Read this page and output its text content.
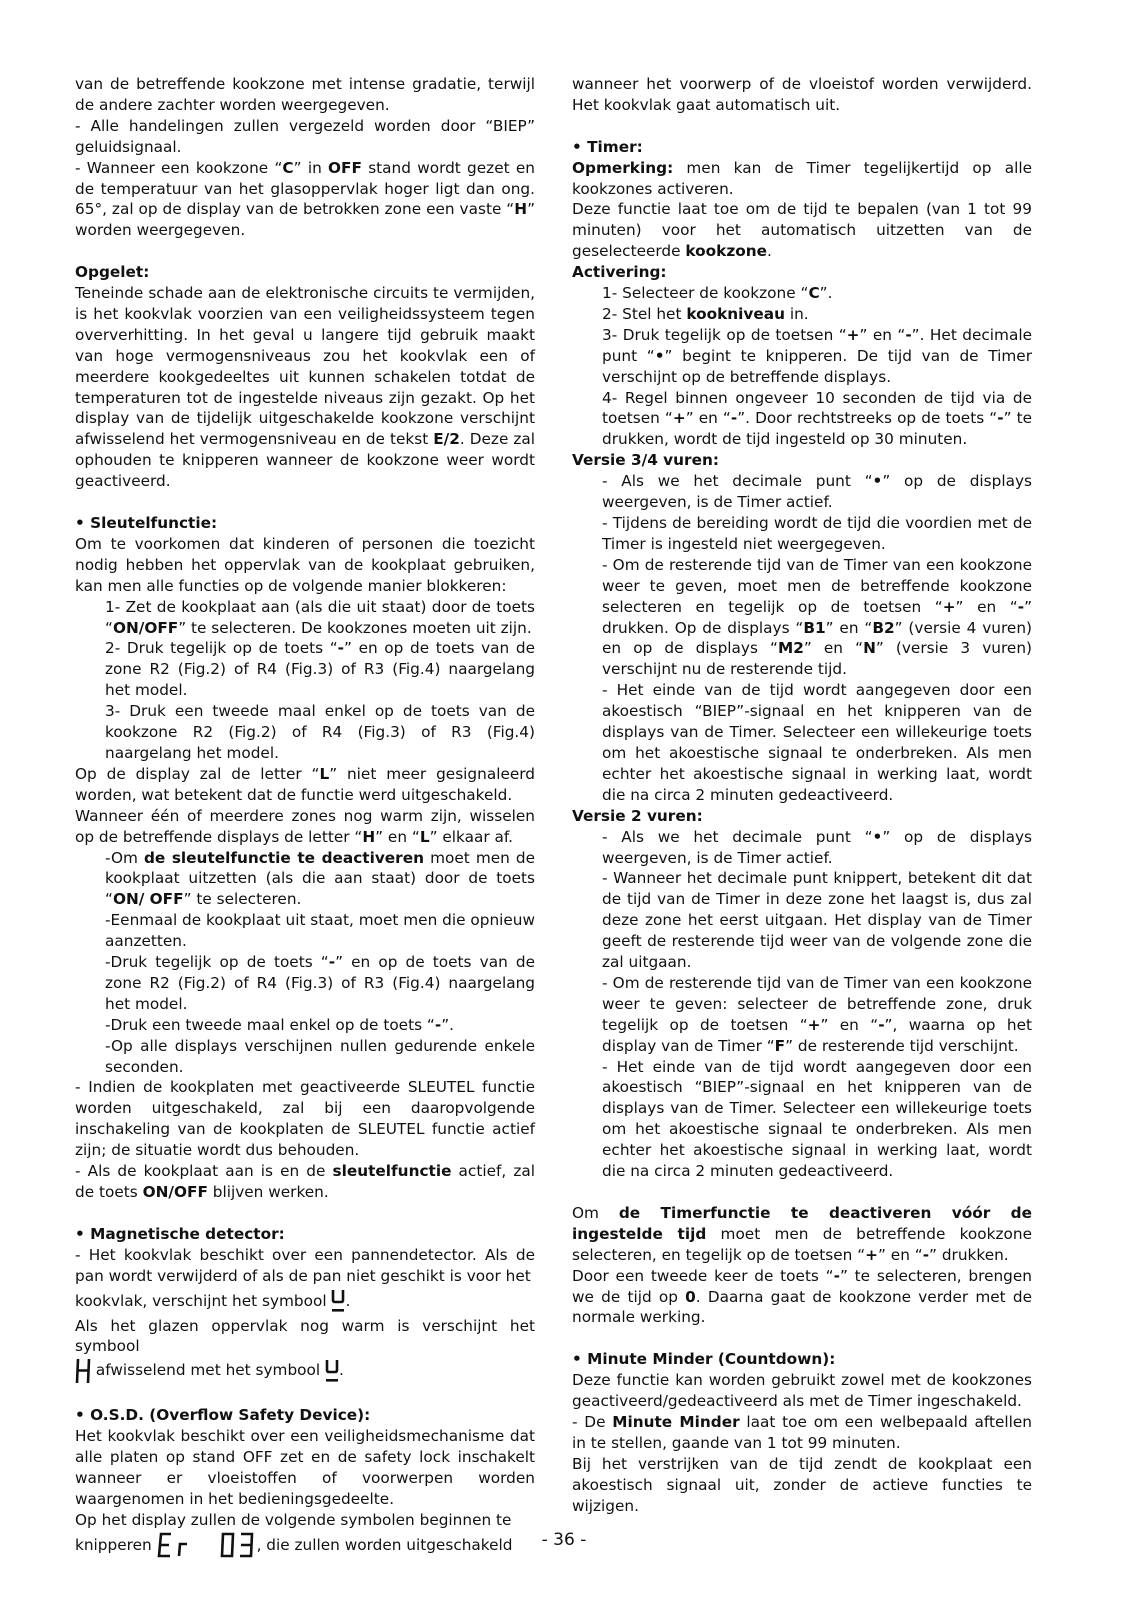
van de betreffende kookzone met intense gradatie, terwijl de andere zachter worden weergegeven.

- Alle handelingen zullen vergezeld worden door “BIEP” geluidsignaal.

- Wanneer een kookzone “C” in OFF stand wordt gezet en de temperatuur van het glasoppervlak hoger ligt dan ong. 65°, zal op de display van de betrokken zone een vaste “H” worden weergegeven.

Opgelet:

Teneinde schade aan de elektronische circuits te vermijden, is het kookvlak voorzien van een veiligheidssysteem tegen oververhitting. In het geval u langere tijd gebruik maakt van hoge vermogensniveaus zou het kookvlak een of meerdere kookgedeeltes uit kunnen schakelen totdat de temperaturen tot de ingestelde niveaus zijn gezakt. Op het display van de tijdelijk uitgeschakelde kookzone verschijnt afwisselend het vermogensniveau en de tekst E/2. Deze zal ophouden te knipperen wanneer de kookzone weer wordt geactiveerd.

• Sleutelfunctie:

Om te voorkomen dat kinderen of personen die toezicht nodig hebben het oppervlak van de kookplaat gebruiken, kan men alle functies op de volgende manier blokkeren:

1- Zet de kookplaat aan (als die uit staat) door de toets “ON/OFF” te selecteren. De kookzones moeten uit zijn.

2- Druk tegelijk op de toets “-” en op de toets van de zone R2 (Fig.2) of R4 (Fig.3) of R3 (Fig.4) naargelang het model.

3- Druk een tweede maal enkel op de toets van de kookzone R2 (Fig.2) of R4 (Fig.3) of R3 (Fig.4) naargelang het model.

Op de display zal de letter “L” niet meer gesignaleerd worden, wat betekent dat de functie werd uitgeschakeld.

Wanneer één of meerdere zones nog warm zijn, wisselen op de betreffende displays de letter “H” en “L” elkaar af.

-Om de sleutelfunctie te deactiveren moet men de kookplaat uitzetten (als die aan staat) door de toets “ON/ OFF” te selecteren.

-Eenmaal de kookplaat uit staat, moet men die opnieuw aanzetten.

-Druk tegelijk op de toets “-” en op de toets van de zone R2 (Fig.2) of R4 (Fig.3) of R3 (Fig.4) naargelang het model.

-Druk een tweede maal enkel op de toets “-”.

-Op alle displays verschijnen nullen gedurende enkele seconden.

- Indien de kookplaten met geactiveerde SLEUTEL functie worden uitgeschakeld, zal bij een daaropvolgende inschakeling van de kookplaten de SLEUTEL functie actief zijn; de situatie wordt dus behouden.

- Als de kookplaat aan is en de sleutelfunctie actief, zal de toets ON/OFF blijven werken.

• Magnetische detector:

- Het kookvlak beschikt over een pannendetector. Als de pan wordt verwijderd of als de pan niet geschikt is voor het

kookvlak, verschijnt het symbool .

Als het glazen oppervlak nog warm is verschijnt het symbool

afwisselend met het symbool .

• O.S.D. (Overflow Safety Device):

Het kookvlak beschikt over een veiligheidsmechanisme dat alle platen op stand OFF zet en de safety lock inschakelt wanneer er vloeistoffen of voorwerpen worden waargenomen in het bedieningsgedeelte.

Op het display zullen de volgende symbolen beginnen te

knipperen	, die zullen worden uitgeschakeld

wanneer het voorwerp of de vloeistof worden verwijderd. Het kookvlak gaat automatisch uit.

• Timer:

Opmerking: men kan de Timer tegelijkertijd op alle kookzones activeren.

Deze functie laat toe om de tijd te bepalen (van 1 tot 99 minuten) voor het automatisch uitzetten van de geselecteerde kookzone.

Activering:

1- Selecteer de kookzone “C”.

2- Stel het kookniveau in.

3- Druk tegelijk op de toetsen “+” en “-”. Het decimale punt “•” begint te knipperen. De tijd van de Timer verschijnt op de betreffende displays.

4- Regel binnen ongeveer 10 seconden de tijd via de toetsen “+” en “-”. Door rechtstreeks op de toets “-” te drukken, wordt de tijd ingesteld op 30 minuten.

Versie 3/4 vuren:

- Als we het decimale punt “•” op de displays weergeven, is de Timer actief.

- Tijdens de bereiding wordt de tijd die voordien met de Timer is ingesteld niet weergegeven.

- Om de resterende tijd van de Timer van een kookzone weer te geven, moet men de betreffende kookzone selecteren en tegelijk op de toetsen “+” en “-” drukken. Op de displays “B1” en “B2” (versie 4 vuren) en op de displays “M2” en “N” (versie 3 vuren) verschijnt nu de resterende tijd.

- Het einde van de tijd wordt aangegeven door een akoestisch “BIEP”-signaal en het knipperen van de displays van de Timer. Selecteer een willekeurige toets om het akoestische signaal te onderbreken. Als men echter het akoestische signaal in werking laat, wordt die na circa 2 minuten gedeactiveerd.

Versie 2 vuren:

- Als we het decimale punt “•” op de displays weergeven, is de Timer actief.

- Wanneer het decimale punt knippert, betekent dit dat de tijd van de Timer in deze zone het laagst is, dus zal deze zone het eerst uitgaan. Het display van de Timer geeft de resterende tijd weer van de volgende zone die zal uitgaan.

- Om de resterende tijd van de Timer van een kookzone weer te geven: selecteer de betreffende zone, druk tegelijk op de toetsen “+” en “-”, waarna op het display van de Timer “F” de resterende tijd verschijnt.

- Het einde van de tijd wordt aangegeven door een akoestisch “BIEP”-signaal en het knipperen van de displays van de Timer. Selecteer een willekeurige toets om het akoestische signaal te onderbreken. Als men echter het akoestische signaal in werking laat, wordt die na circa 2 minuten gedeactiveerd.

Om de Timerfunctie te deactiveren vóór de ingestelde tijd moet men de betreffende kookzone selecteren, en tegelijk op de toetsen “+” en “-” drukken.

Door een tweede keer de toets “-” te selecteren, brengen we de tijd op 0. Daarna gaat de kookzone verder met de normale werking.

• Minute Minder (Countdown):

Deze functie kan worden gebruikt zowel met de kookzones geactiveerd/gedeactiveerd als met de Timer ingeschakeld.

- De Minute Minder laat toe om een welbepaald aftellen in te stellen, gaande van 1 tot 99 minuten.

Bij het verstrijken van de tijd zendt de kookplaat een akoestisch signaal uit, zonder de actieve functies te wijzigen.

- 36 -
